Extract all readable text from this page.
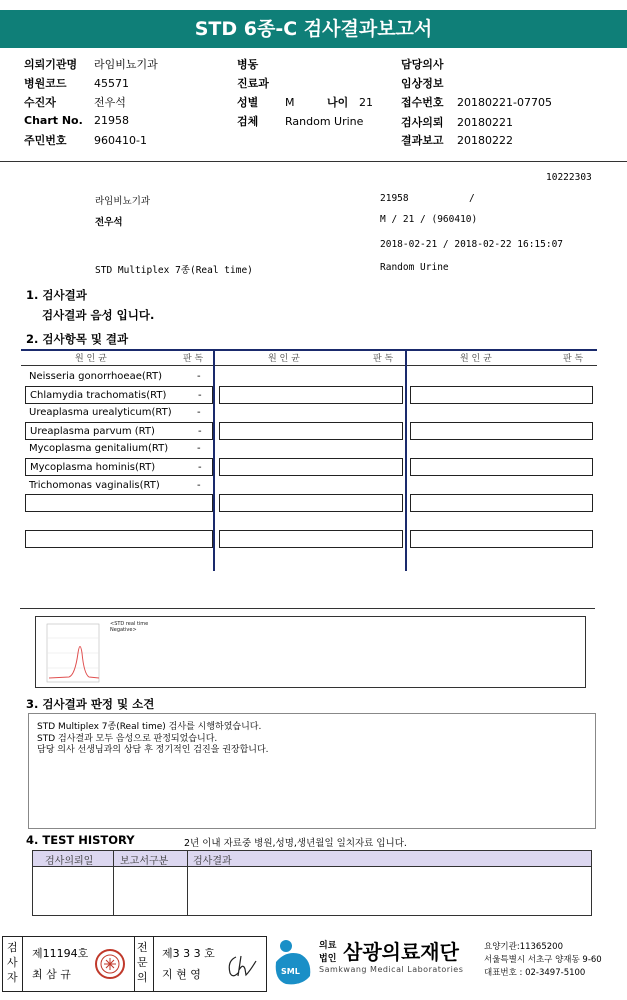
STD 6종-C 검사결과보고서
의뢰기관명 라임비뇨기과
병원코드 45571
수진자	전우석
Chart No. 21958
주민번호 960410-1
병동
진료과
성별 M	나이 21
검체 Random Urine
담당의사
임상정보
접수번호 20180221-07705
검사의뢰 20180221
결과보고 20180222
10222303
라임비뇨기과	21958	/
전우석	M / 21 / (960410)
2018-02-21 / 2018-02-22 16:15:07
STD Multiplex 7종(Real time)	Random Urine
1. 검사결과
검사결과 음성 입니다.
2. 검사항목 및 결과
원 인 균	판 독	원 인 균	판 독	원 인 균	판 독
Neisseria gonorrhoeae(RT)	-
Chlamydia trachomatis(RT)	-
Ureaplasma urealyticum(RT)	-
Ureaplasma parvum (RT)	-
Mycoplasma genitalium(RT)	-
Mycoplasma hominis(RT)	-
Trichomonas vaginalis(RT)	-
<STD real time
Negative>
3. 검사결과 판정 및 소견
STD Multiplex 7종(Real time) 검사를 시행하였습니다.
STD 검사결과 모두 음성으로 판정되었습니다.
담당 의사 선생님과의 상담 후 정기적인 검진을 권장합니다.
4. TEST HISTORY	2년 이내 자료중 병원,성명,생년월일 일치자료 입니다.
검사의뢰일	보고서구분 검사결과
검사자
제11194호
최 삼 규
전문의
제3 3 3 호
지 현 영	SML
의료
법인 삼광의료재단
Samkwang Medical Laboratories
요양기관:11365200
서울특별시 서초구 양재동 9-60
대표번호 : 02-3497-5100
